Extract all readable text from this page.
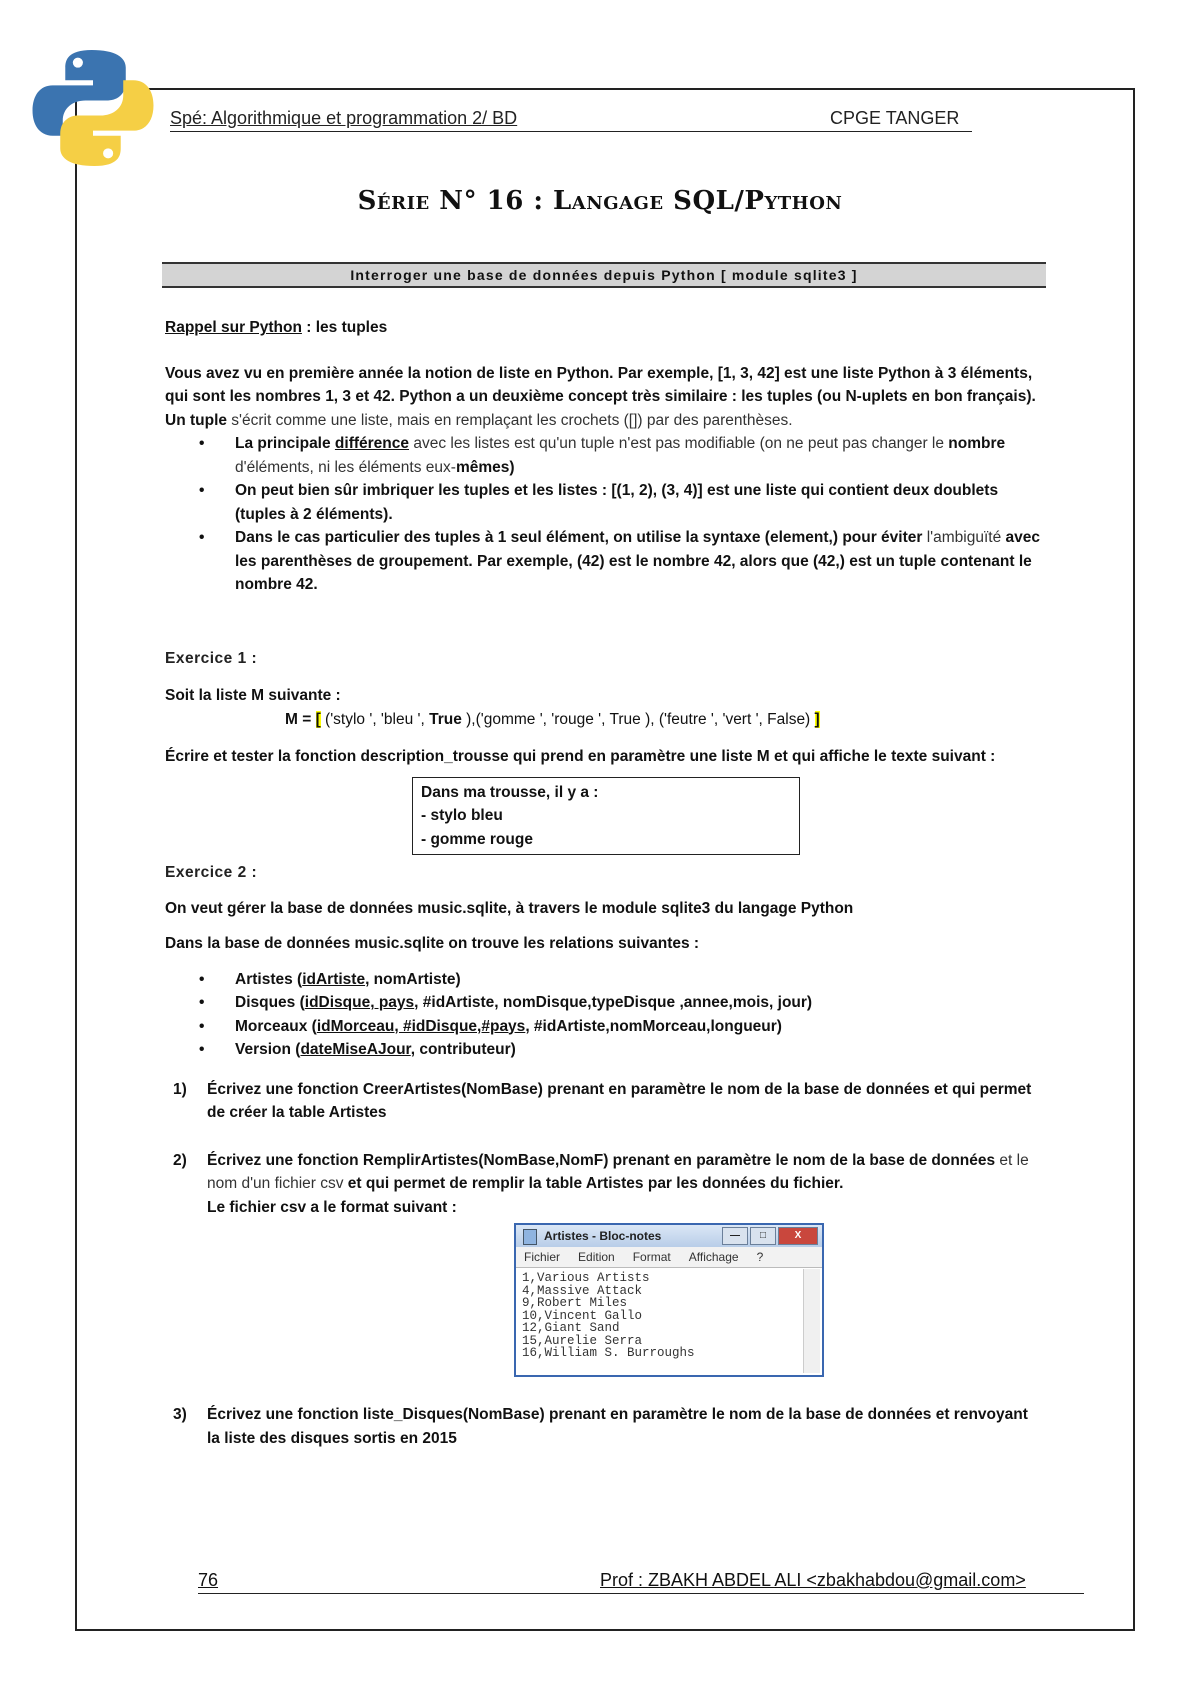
Spé: Algorithmique et programmation 2/ BD	CPGE TANGER
Série N° 16 : Langage SQL/Python
Interroger une base de données depuis Python [ module sqlite3 ]

Rappel sur Python : les tuples

Vous avez vu en première année la notion de liste en Python. Par exemple, [1, 3, 42] est une liste Python à 3 éléments, qui sont les nombres 1, 3 et 42. Python a un deuxième concept très similaire : les tuples (ou N-uplets en bon français). Un tuple s'écrit comme une liste, mais en remplaçant les crochets ([]) par des parenthèses.

• La principale différence avec les listes est qu'un tuple n'est pas modifiable (on ne peut pas changer le nombre d'éléments, ni les éléments eux-mêmes)
• On peut bien sûr imbriquer les tuples et les listes : [(1, 2), (3, 4)] est une liste qui contient deux doublets (tuples à 2 éléments).
• Dans le cas particulier des tuples à 1 seul élément, on utilise la syntaxe (element,) pour éviter l'ambiguïté avec les parenthèses de groupement. Par exemple, (42) est le nombre 42, alors que (42,) est un tuple contenant le nombre 42.

Exercice 1 :

Soit la liste M suivante :

M = [ ('stylo ', 'bleu ', True ),('gomme ', 'rouge ', True ), ('feutre ', 'vert ', False) ]

Écrire et tester la fonction description_trousse qui prend en paramètre une liste M et qui affiche le texte suivant :

Dans ma trousse, il y a :
- stylo bleu
- gomme rouge

Exercice 2 :

On veut gérer la base de données music.sqlite, à travers le module sqlite3 du langage Python

Dans la base de données music.sqlite on trouve les relations suivantes :

• Artistes (idArtiste, nomArtiste)
• Disques (idDisque, pays, #idArtiste, nomDisque,typeDisque ,annee,mois, jour)
• Morceaux (idMorceau, #idDisque,#pays, #idArtiste,nomMorceau,longueur)
• Version (dateMiseAJour, contributeur)
1) Écrivez une fonction CreerArtistes(NomBase) prenant en paramètre le nom de la base de données et qui permet de créer la table Artistes
2) Écrivez une fonction RemplirArtistes(NomBase,NomF) prenant en paramètre le nom de la base de données et le nom d'un fichier csv et qui permet de remplir la table Artistes par les données du fichier.
Le fichier csv a le format suivant :
Artistes - Bloc-notes	—	□	X
Fichier Edition Format Affichage ?
1,Various Artists
4,Massive Attack
9,Robert Miles
10,Vincent Gallo
12,Giant Sand
15,Aurelie Serra
16,William S. Burroughs
3) Écrivez une fonction liste_Disques(NomBase) prenant en paramètre le nom de la base de données et renvoyant la liste des disques sortis en 2015
76	Prof : ZBAKH ABDEL ALI <zbakhabdou@gmail.com>
